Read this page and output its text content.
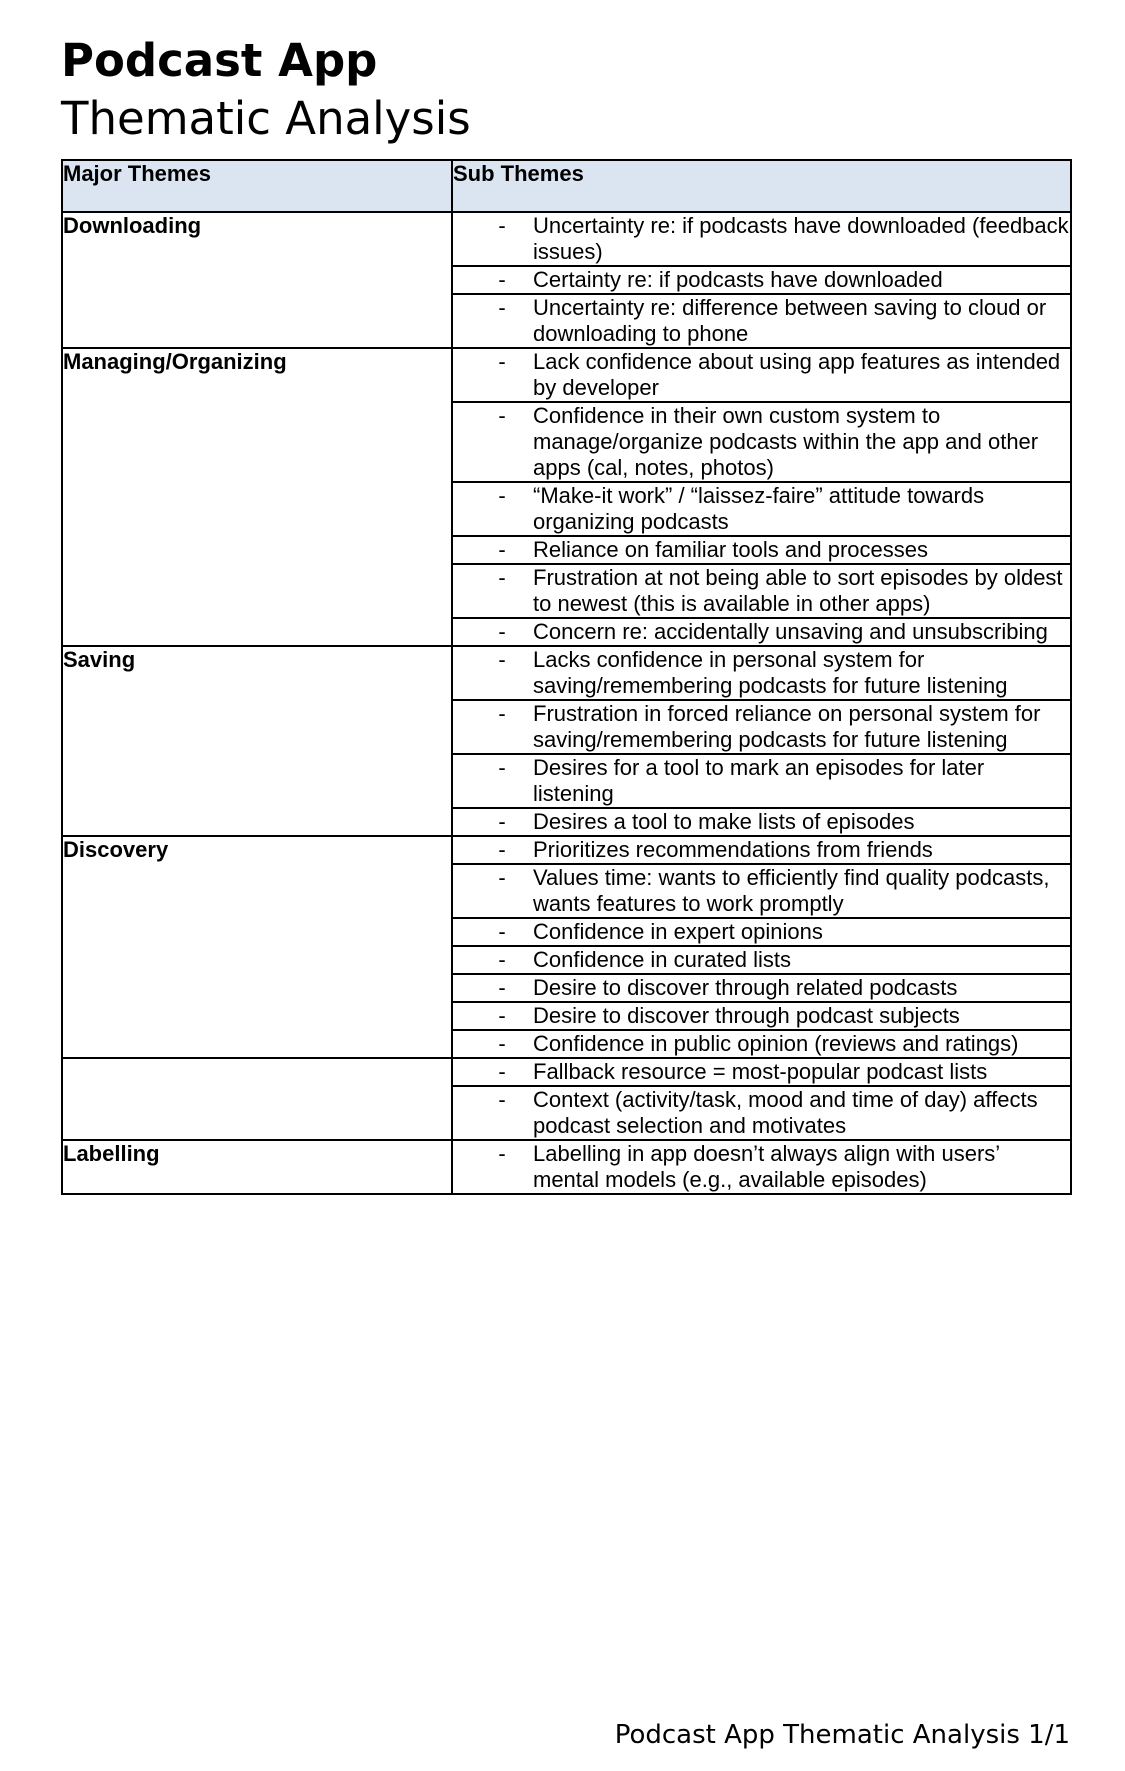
Podcast App
Thematic Analysis
Major Themes	Sub Themes
Downloading	- Uncertainty re: if podcasts have downloaded (feedback issues)

	- Certainty re: if podcasts have downloaded

	- Uncertainty re: difference between saving to cloud or downloading to phone

Managing/Organizing	- Lack confidence about using app features as intended by developer

	- Confidence in their own custom system to manage/organize podcasts within the app and other apps (cal, notes, photos)

	- “Make-it work” / “laissez-faire” attitude towards organizing podcasts

	- Reliance on familiar tools and processes

	- Frustration at not being able to sort episodes by oldest to newest (this is available in other apps)

	- Concern re: accidentally unsaving and unsubscribing

Saving	- Lacks confidence in personal system for saving/remembering podcasts for future listening

	- Frustration in forced reliance on personal system for saving/remembering podcasts for future listening

	- Desires for a tool to mark an episodes for later listening

	- Desires a tool to make lists of episodes

Discovery	- Prioritizes recommendations from friends

	- Values time: wants to efficiently find quality podcasts, wants features to work promptly

	- Confidence in expert opinions

	- Confidence in curated lists

	- Desire to discover through related podcasts

	- Desire to discover through podcast subjects

	- Confidence in public opinion (reviews and ratings)

	- Fallback resource = most-popular podcast lists

	- Context (activity/task, mood and time of day) affects podcast selection and motivates

Labelling	- Labelling in app doesn’t always align with users’ mental models (e.g., available episodes)
Podcast App Thematic Analysis 1/1
